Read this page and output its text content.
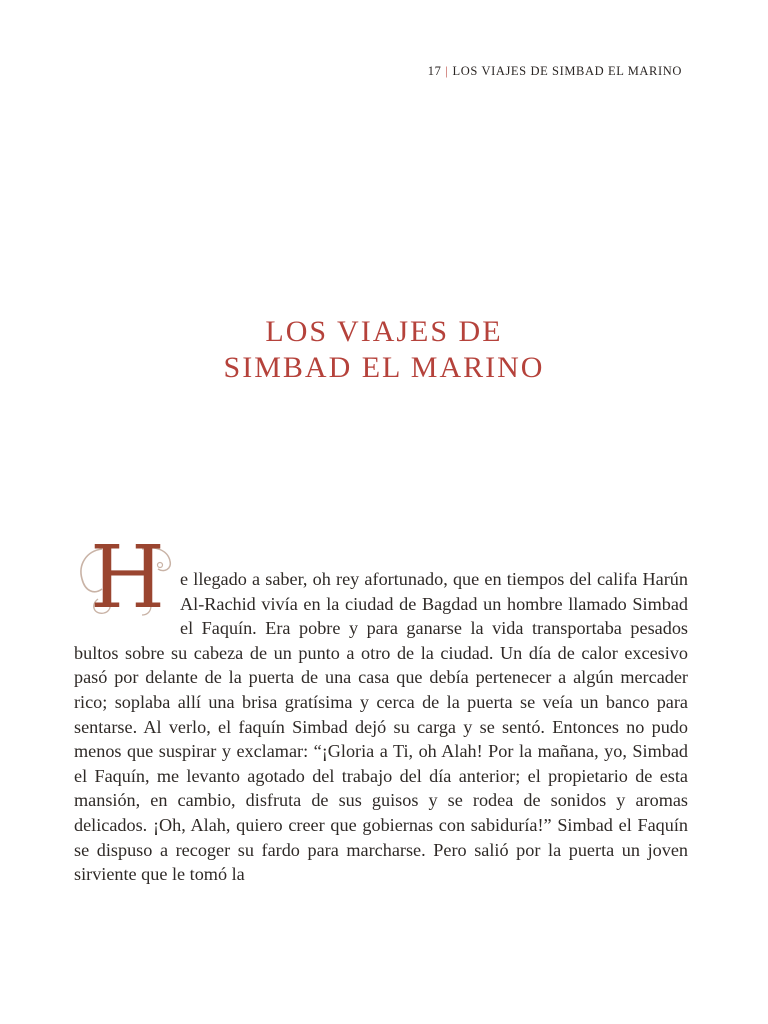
17 | LOS VIAJES DE SIMBAD EL MARINO
LOS VIAJES DE
SIMBAD EL MARINO
H e llegado a saber, oh rey afortunado, que en tiempos del califa Harún Al-Rachid vivía en la ciudad de Bagdad un hombre llamado Simbad el Faquín. Era pobre y para ganarse la vida transportaba pesados bultos sobre su cabeza de un punto a otro de la ciudad. Un día de calor excesivo pasó por delante de la puerta de una casa que debía pertenecer a algún mercader rico; soplaba allí una brisa gratísima y cerca de la puerta se veía un banco para sentarse. Al verlo, el faquín Simbad dejó su carga y se sentó. Entonces no pudo menos que suspirar y exclamar: “¡Gloria a Ti, oh Alah! Por la mañana, yo, Simbad el Faquín, me levanto agotado del trabajo del día anterior; el propietario de esta mansión, en cambio, disfruta de sus guisos y se rodea de sonidos y aromas delicados. ¡Oh, Alah, quiero creer que gobiernas con sabiduría!” Simbad el Faquín se dispuso a recoger su fardo para marcharse. Pero salió por la puerta un joven sirviente que le tomó la
